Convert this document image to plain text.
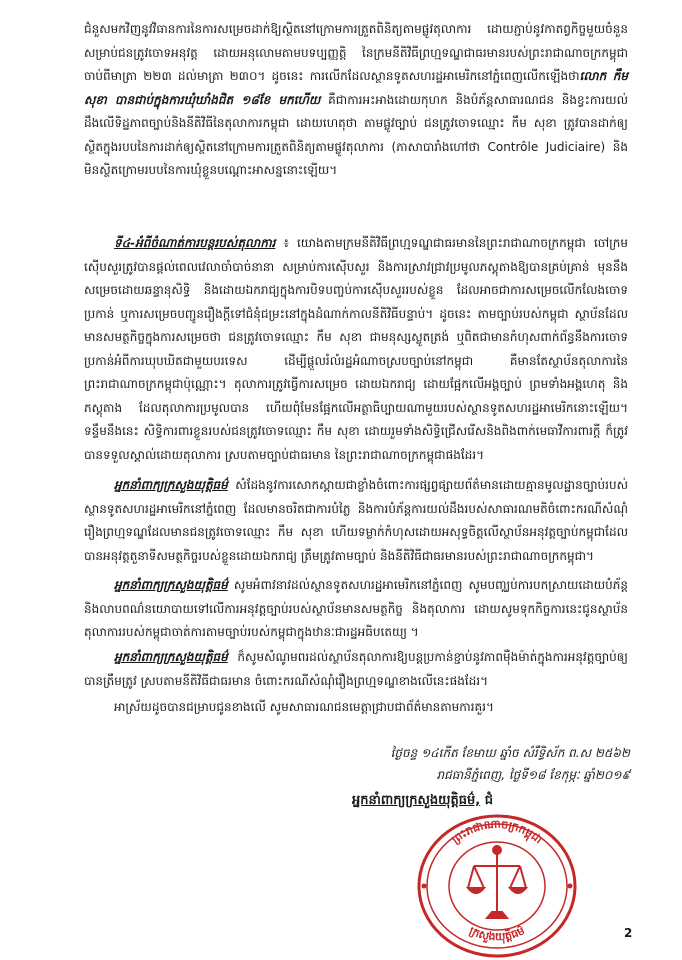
ជំនួសមកវិញនូវវិធានការនៃការសម្រេចដាក់ឱ្យស្ថិតនៅក្រោមការត្រួតពិនិត្យតាមផ្លូវតុលាការ ដោយភ្ជាប់នូវកាតព្វកិច្ចមួយចំនួនសម្រាប់ជនត្រូវចោទអនុវត្ត ដោយអនុលោមតាមបទប្បញ្ញត្តិ នៃក្រមនីតិវិធីព្រហ្មទណ្ឌជាធរមានរបស់ព្រះរាជាណាចក្រកម្ពុជា ចាប់ពីមាត្រា ២២៣ ដល់មាត្រា ២៣០។ ដូចនេះ ការលើកដែលស្ថានទូតសហរដ្ឋអាមេរិកនៅភ្នំពេញលើកឡើងថាលោក កឹម សុខា បានជាប់ក្នុងការឃុំឃាំងជិត ១៨ខែ មកហើយ គឺជាការអះអាងដោយកុហក និងបំភ័ន្តសាធារណជន និងខ្វះការយល់ដឹងលើទិដ្ឋភាពច្បាប់និងនីតិវិធីនៃតុលាការកម្ពុជា ដោយហេតុថា តាមផ្លូវច្បាប់ ជនត្រូវចោទឈ្មោះ កឹម សុខា ត្រូវបានដាក់ឲ្យស្ថិតក្នុងរបបនៃការដាក់ឲ្យស្ថិតនៅក្រោមការត្រួតពិនិត្យតាមផ្លូវតុលាការ (ភាសាបារាំងហៅថា Contrôle Judiciaire) និងមិនស្ថិតក្រោមរបបនៃការឃុំខ្លួនបណ្ដោះអាសន្ននោះឡើយ។

ទី៤-អំពីចំណាត់ការបន្តរបស់តុលាការ ៖ យោងតាមក្រមនីតិវិធីព្រហ្មទណ្ឌជាធរមាននៃព្រះរាជាណាចក្រកម្ពុជា ចៅក្រមស៊ើបសួរត្រូវបានផ្តល់ពេលវេលាចាំបាច់នានា សម្រាប់ការស៊ើបសួរ និងការស្រាវជ្រាវប្រមូលភស្តុតាងឱ្យបានគ្រប់គ្រាន់ មុននឹងសម្រេចដោយឆន្ទានុសិទ្ធិ និងដោយឯករាជ្យក្នុងការបិទបញ្ចប់ការស៊ើបសួររបស់ខ្លួន ដែលអាចជាការសម្រេចលើកលែងចោទប្រកាន់ ឬការសម្រេចបញ្ជូនរឿងក្តីទៅជំនុំជម្រះនៅក្នុងដំណាក់កាលនីតិវិធីបន្ទាប់។ ដូចនេះ តាមច្បាប់របស់កម្ពុជា ស្ថាប័នដែលមានសមត្ថកិច្ចក្នុងការសម្រេចថា ជនត្រូវចោទឈ្មោះ កឹម សុខា ជាមនុស្សស្លូតត្រង់ ឬពិតជាមានកំហុសពាក់ព័ន្ធនឹងការចោទប្រកាន់អំពីការឃុបឃិតជាមួយបរទេស ដើម្បីផ្តួលរំលំរដ្ឋអំណាចស្របច្បាប់នៅកម្ពុជា គឺមានតែស្ថាប័នតុលាការនៃព្រះរាជាណាចក្រកម្ពុជាប៉ុណ្ណោះ។ តុលាការត្រូវធ្វើការសម្រេច ដោយឯករាជ្យ ដោយផ្អែកលើអង្គច្បាប់ ព្រមទាំងអង្គហេតុ និងភស្តុតាង ដែលតុលាការប្រមូលបាន ហើយពុំមែនផ្អែកលើអត្ថាធិប្បាយណាមួយរបស់ស្ថានទូតសហរដ្ឋអាមេរិកនោះឡើយ។ ទន្ទឹមនឹងនេះ សិទ្ធិការពារខ្លួនរបស់ជនត្រូវចោទឈ្មោះ កឹម សុខា ដោយរួមទាំងសិទ្ធិជ្រើសរើសនិងពិងពាក់មេធាវីការពារក្តី ក៏ត្រូវបានទទួលស្គាល់ដោយតុលាការ ស្របតាមច្បាប់ជាធរមាន នៃព្រះរាជាណាចក្រកម្ពុជាផងដែរ។

អ្នកនាំពាក្យក្រសួងយុត្តិធម៌ សំដែងនូវការសោកស្តាយជាខ្លាំងចំពោះការផ្សព្វផ្សាយព័ត៌មានដោយគ្មានមូលដ្ឋានច្បាប់របស់ស្ថានទូតសហរដ្ឋអាមេរិកនៅភ្នំពេញ ដែលមានចរិតជាការបំភ្លៃ និងការបំភ័ន្តការយល់ដឹងរបស់សាធារណមតិចំពោះករណីសំណុំរឿងព្រហ្មទណ្ឌដែលមានជនត្រូវចោទឈ្មោះ កឹម សុខា ហើយទម្លាក់កំហុសដោយអសុទ្ធចិត្តលើស្ថាប័នអនុវត្តច្បាប់កម្ពុជាដែលបានអនុវត្តតួនាទីសមត្ថកិច្ចរបស់ខ្លួនដោយឯករាជ្យ ត្រឹមត្រូវតាមច្បាប់ និងនីតិវិធីជាធរមានរបស់ព្រះរាជាណាចក្រកម្ពុជា។

អ្នកនាំពាក្យក្រសួងយុត្តិធម៌ សូមអំពាវនាវដល់ស្ថានទូតសហរដ្ឋអាមេរិកនៅភ្នំពេញ សូមបញ្ឈប់ការបកស្រាយដោយបំភ័ន្ត និងលាបពណ៌នយោបាយទៅលើការអនុវត្តច្បាប់របស់ស្ថាប័នមានសមត្ថកិច្ច និងតុលាការ ដោយសូមទុកកិច្ចការនេះជូនស្ថាប័នតុលាការរបស់កម្ពុជាចាត់ការតាមច្បាប់របស់កម្ពុជាក្នុងឋានៈជារដ្ឋអធិបតេយ្យ ។

អ្នកនាំពាក្យក្រសួងយុត្តិធម៌ ក៏សូមសំណូមពរដល់ស្ថាប័នតុលាការឱ្យបន្តប្រកាន់ខ្ជាប់នូវភាពម៉ឺងម៉ាត់ក្នុងការអនុវត្តច្បាប់ឲ្យបានត្រឹមត្រូវ ស្របតាមនីតិវិធីជាធរមាន ចំពោះករណីសំណុំរឿងព្រហ្មទណ្ឌខាងលើនេះផងដែរ។

អាស្រ័យដូចបានជម្រាបជូនខាងលើ សូមសាធារណជនមេត្តាជ្រាបជាព័ត៌មានតាមការគួរ។

ថ្ងៃចន្ទ ១៤កើត ខែមាឃ ឆ្នាំច សំរឹទ្ធិស័ក ព.ស ២៥៦២
រាជធានីភ្នំពេញ, ថ្ងៃទី១៨ ខែកុម្ភៈ ឆ្នាំ២០១៩
អ្នកនាំពាក្យក្រសួងយុត្តិធម៌, ជំ
ព្រះរាជាណាចក្រកម្ពុជា
ក្រសួងយុត្តិធម៌	2
